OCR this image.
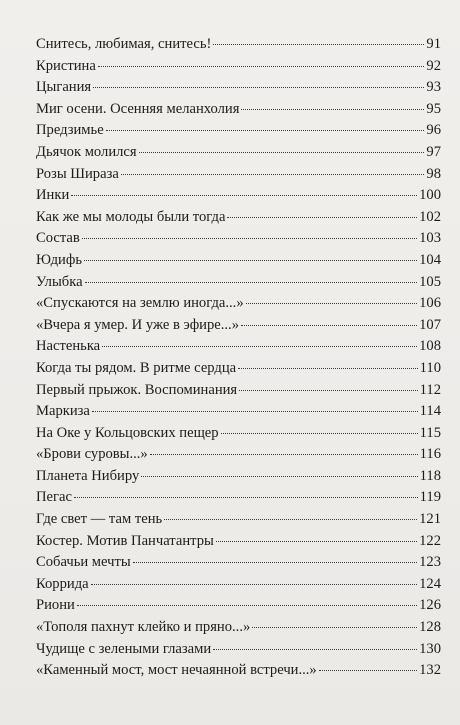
Снитесь, любимая, снитесь!	91
Кристина	92
Цыгания	93
Миг осени. Осенняя меланхолия	95
Предзимье	96
Дьячок молился	97
Розы Шираза	98
Инки	100
Как же мы молоды были тогда	102
Состав	103
Юдифь	104
Улыбка	105
«Спускаются на землю иногда...»	106
«Вчера я умер. И уже в эфире...»	107
Настенька	108
Когда ты рядом. В ритме сердца	110
Первый прыжок. Воспоминания	112
Маркиза	114
На Оке у Кольцовских пещер	115
«Брови суровы...»	116
Планета Нибиру	118
Пегас	119
Где свет — там тень	121
Костер. Мотив Панчатантры	122
Собачьи мечты	123
Коррида	124
Риони	126
«Тополя пахнут клейко и пряно...»	128
Чудище с зелеными глазами	130
«Каменный мост, мост нечаянной встречи...»	132
